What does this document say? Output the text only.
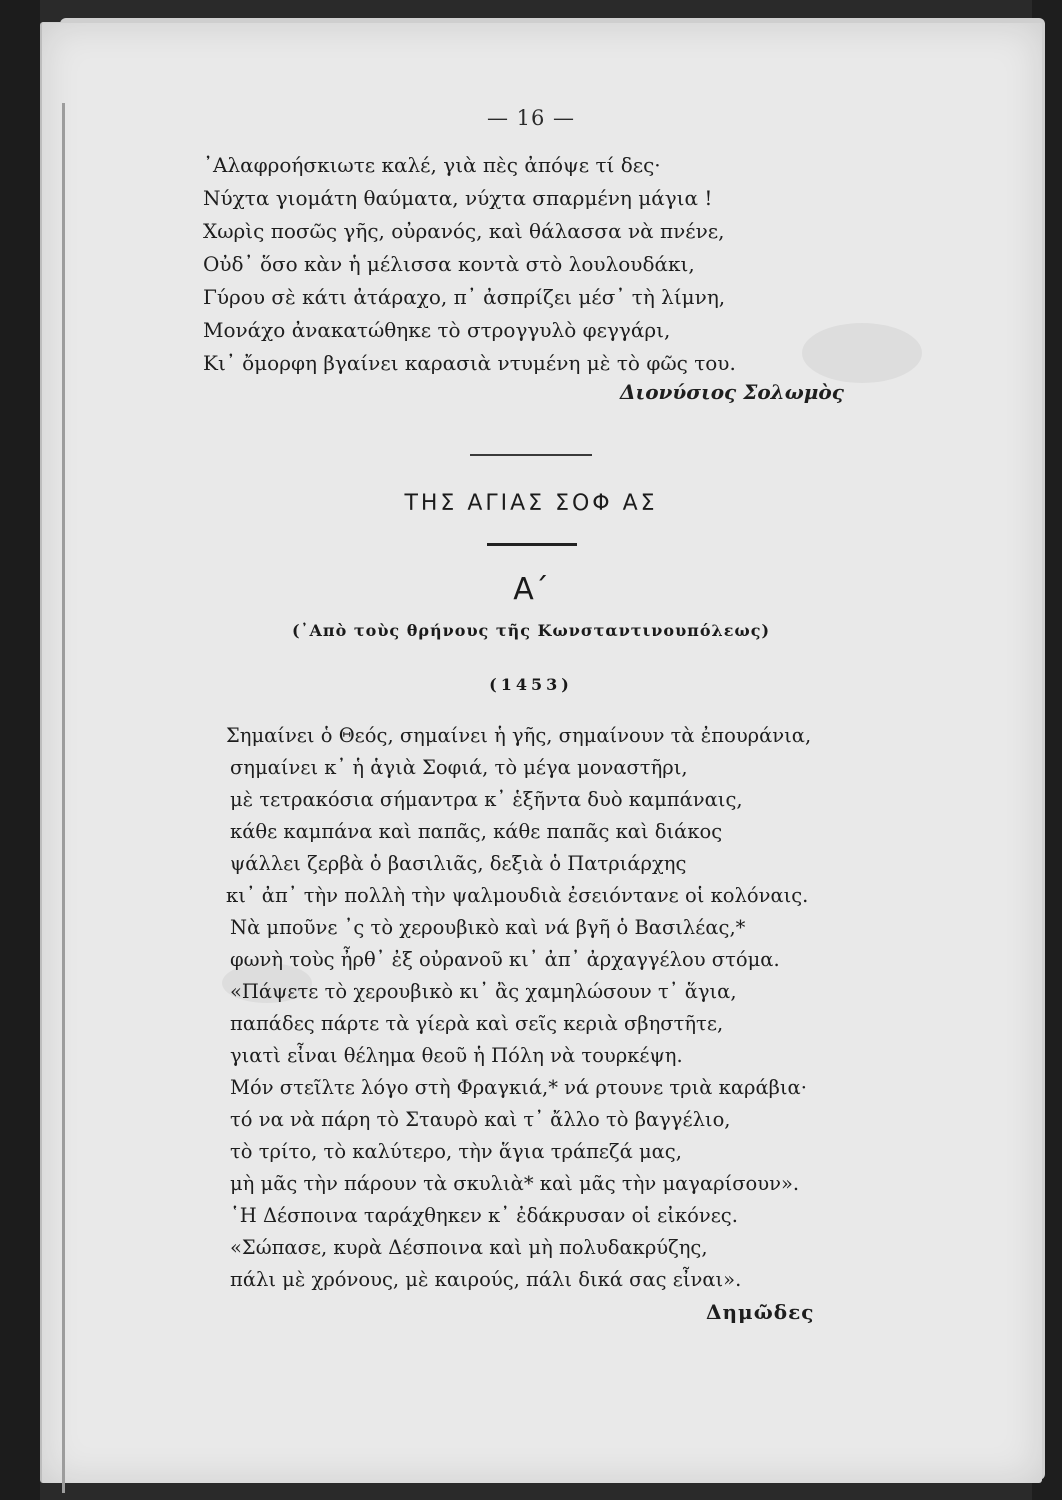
— 16 —
᾿Αλαφροήσκιωτε καλέ, γιὰ πὲς ἀπόψε τί δες·
Νύχτα γιομάτη θαύματα, νύχτα σπαρμένη μάγια !
Χωρὶς ποσῶς γῆς, οὐρανός, καὶ θάλασσα νὰ πνένε,
Οὐδ᾿ ὅσο κὰν ἡ μέλισσα κοντὰ στὸ λουλουδάκι,
Γύρου σὲ κάτι ἀτάραχο, π᾿ ἀσπρίζει μέσ᾿ τὴ λίμνη,
Μονάχο ἀνακατώθηκε τὸ στρογγυλὸ φεγγάρι,
Κι᾿ ὄμορφη βγαίνει καρασιὰ ντυμένη μὲ τὸ φῶς του.
Διονύσιος Σολωμὸς
ΤΗΣ ΑΓΙΑΣ ΣΟΦ ΑΣ
Α΄
(᾿Απὸ τοὺς θρήνους τῆς Κωνσταντινουπόλεως)
(1453)
Σημαίνει ὁ Θεός, σημαίνει ἡ γῆς, σημαίνουν τὰ ἐπουράνια,
σημαίνει κ᾿ ἡ ἁγιὰ Σοφιά, τὸ μέγα μοναστῆρι,
μὲ τετρακόσια σήμαντρα κ᾿ ἑξῆντα δυὸ καμπάναις,
κάθε καμπάνα καὶ παπᾶς, κάθε παπᾶς καὶ διάκος
ψάλλει ζερβὰ ὁ βασιλιᾶς, δεξιὰ ὁ Πατριάρχης
κι᾿ ἀπ᾿ τὴν πολλὴ τὴν ψαλμουδιὰ ἐσειόντανε οἱ κολόναις.
Νὰ μποῦνε ᾿ς τὸ χερουβικὸ καὶ νά βγῆ ὁ Βασιλέας,*
φωνὴ τοὺς ἦρθ᾿ ἐξ οὐρανοῦ κι᾿ ἀπ᾿ ἀρχαγγέλου στόμα.
«Πάψετε τὸ χερουβικὸ κι᾿ ἂς χαμηλώσουν τ᾿ ἅγια,
παπάδες πάρτε τὰ γίερὰ καὶ σεῖς κεριὰ σβηστῆτε,
γιατὶ εἶναι θέλημα θεοῦ ἡ Πόλη νὰ τουρκέψη.
Μόν στεῖλτε λόγο στὴ Φραγκιά,* νά ρτουνε τριὰ καράβια·
τό να νὰ πάρη τὸ Σταυρὸ καὶ τ᾿ ἄλλο τὸ βαγγέλιο,
τὸ τρίτο, τὸ καλύτερο, τὴν ἅγια τράπεζά μας,
μὴ μᾶς τὴν πάρουν τὰ σκυλιὰ* καὶ μᾶς τὴν μαγαρίσουν».
῾Η Δέσποινα ταράχθηκεν κ᾿ ἐδάκρυσαν οἱ εἰκόνες.
«Σώπασε, κυρὰ Δέσποινα καὶ μὴ πολυδακρύζης,
πάλι μὲ χρόνους, μὲ καιρούς, πάλι δικά σας εἶναι».
Δημῶδες
